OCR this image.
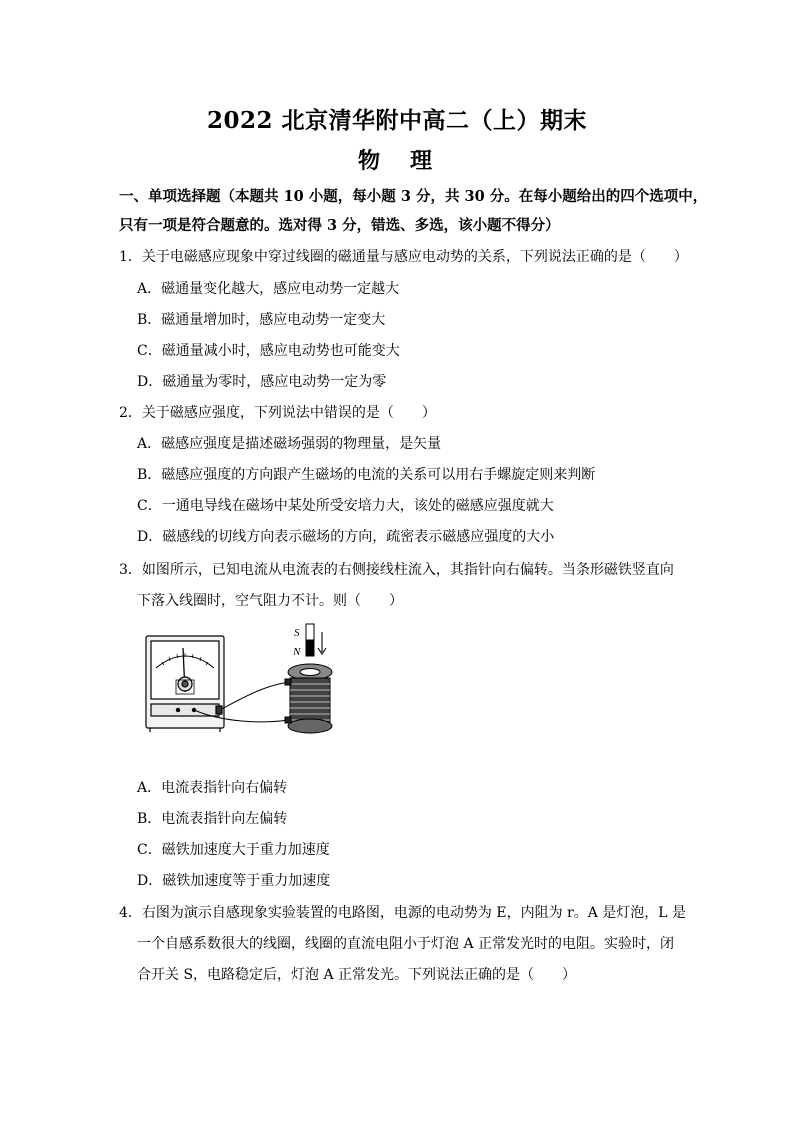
2022 北京清华附中高二（上）期末
物　理
一、单项选择题（本题共 10 小题，每小题 3 分，共 30 分。在每小题给出的四个选项中，
只有一项是符合题意的。选对得 3 分，错选、多选，该小题不得分）
1．关于电磁感应现象中穿过线圈的磁通量与感应电动势的关系，下列说法正确的是（　　）
A．磁通量变化越大，感应电动势一定越大
B．磁通量增加时，感应电动势一定变大
C．磁通量减小时，感应电动势也可能变大
D．磁通量为零时，感应电动势一定为零
2．关于磁感应强度，下列说法中错误的是（　　）
A．磁感应强度是描述磁场强弱的物理量，是矢量
B．磁感应强度的方向跟产生磁场的电流的关系可以用右手螺旋定则来判断
C．一通电导线在磁场中某处所受安培力大，该处的磁感应强度就大
D．磁感线的切线方向表示磁场的方向，疏密表示磁感应强度的大小
3．如图所示，已知电流从电流表的右侧接线柱流入，其指针向右偏转。当条形磁铁竖直向
下落入线圈时，空气阻力不计。则（　　）
S
N
A．电流表指针向右偏转
B．电流表指针向左偏转
C．磁铁加速度大于重力加速度
D．磁铁加速度等于重力加速度
4．右图为演示自感现象实验装置的电路图，电源的电动势为 E，内阻为 r。A 是灯泡，L 是
一个自感系数很大的线圈，线圈的直流电阻小于灯泡 A 正常发光时的电阻。实验时，闭
合开关 S，电路稳定后，灯泡 A 正常发光。下列说法正确的是（　　）
